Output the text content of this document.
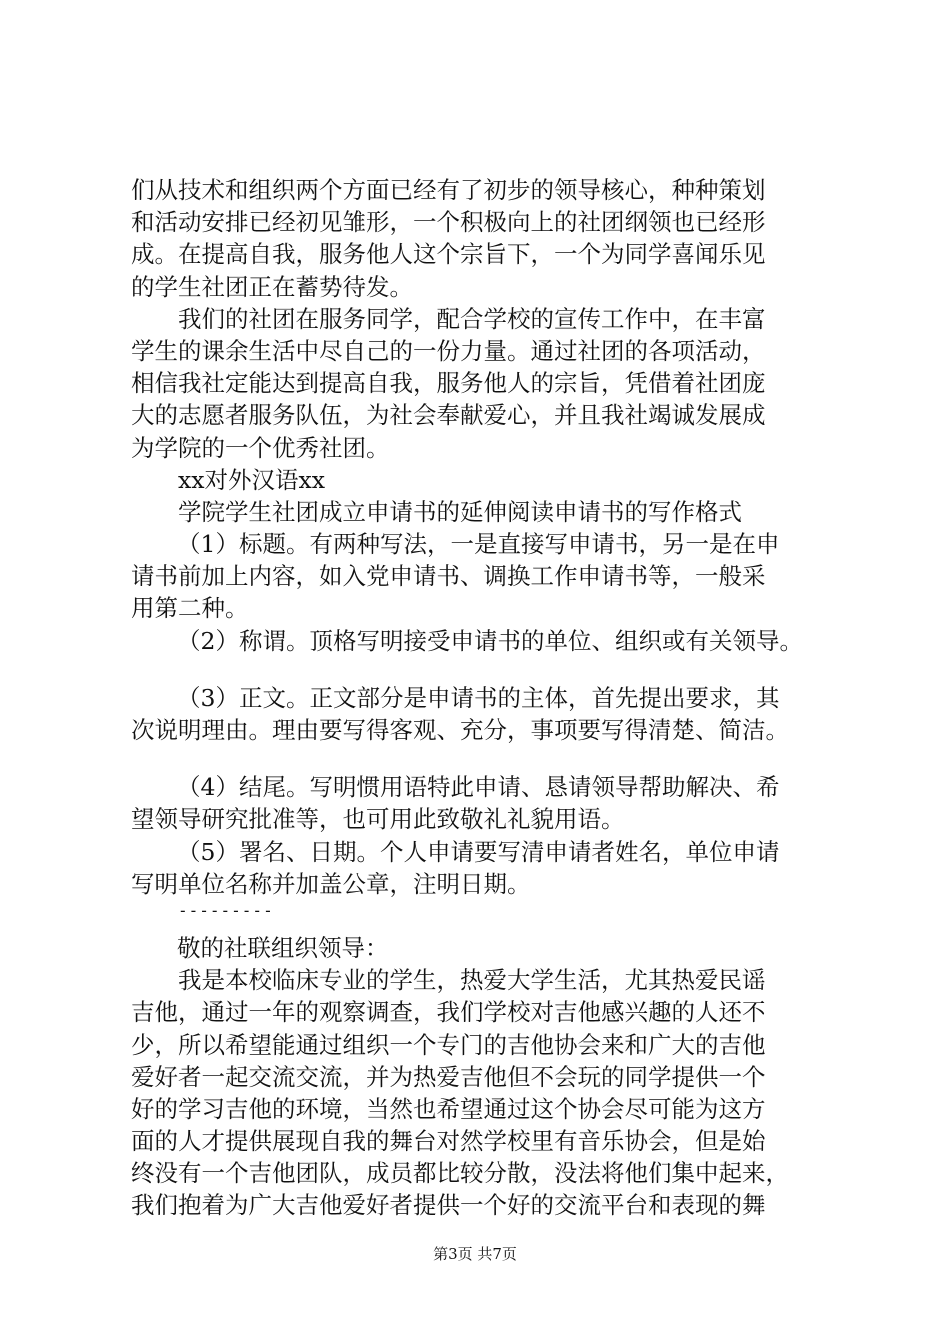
们从技术和组织两个方面已经有了初步的领导核心，种种策划
和活动安排已经初见雏形，一个积极向上的社团纲领也已经形
成。在提高自我，服务他人这个宗旨下，一个为同学喜闻乐见
的学生社团正在蓄势待发。
我们的社团在服务同学，配合学校的宣传工作中，在丰富
学生的课余生活中尽自己的一份力量。通过社团的各项活动，
相信我社定能达到提高自我，服务他人的宗旨，凭借着社团庞
大的志愿者服务队伍，为社会奉献爱心，并且我社竭诚发展成
为学院的一个优秀社团。
xx对外汉语xx
学院学生社团成立申请书的延伸阅读申请书的写作格式
（1）标题。有两种写法，一是直接写申请书，另一是在申
请书前加上内容，如入党申请书、调换工作申请书等，一般采
用第二种。
（2）称谓。顶格写明接受申请书的单位、组织或有关领导。
（3）正文。正文部分是申请书的主体，首先提出要求，其
次说明理由。理由要写得客观、充分，事项要写得清楚、简洁。
（4）结尾。写明惯用语特此申请、恳请领导帮助解决、希
望领导研究批准等，也可用此致敬礼礼貌用语。
（5）署名、日期。个人申请要写清申请者姓名，单位申请
写明单位名称并加盖公章，注明日期。
---------
敬的社联组织领导：
我是本校临床专业的学生，热爱大学生活，尤其热爱民谣
吉他，通过一年的观察调查，我们学校对吉他感兴趣的人还不
少，所以希望能通过组织一个专门的吉他协会来和广大的吉他
爱好者一起交流交流，并为热爱吉他但不会玩的同学提供一个
好的学习吉他的环境，当然也希望通过这个协会尽可能为这方
面的人才提供展现自我的舞台对然学校里有音乐协会，但是始
终没有一个吉他团队，成员都比较分散，没法将他们集中起来，
我们抱着为广大吉他爱好者提供一个好的交流平台和表现的舞
第3页 共7页
